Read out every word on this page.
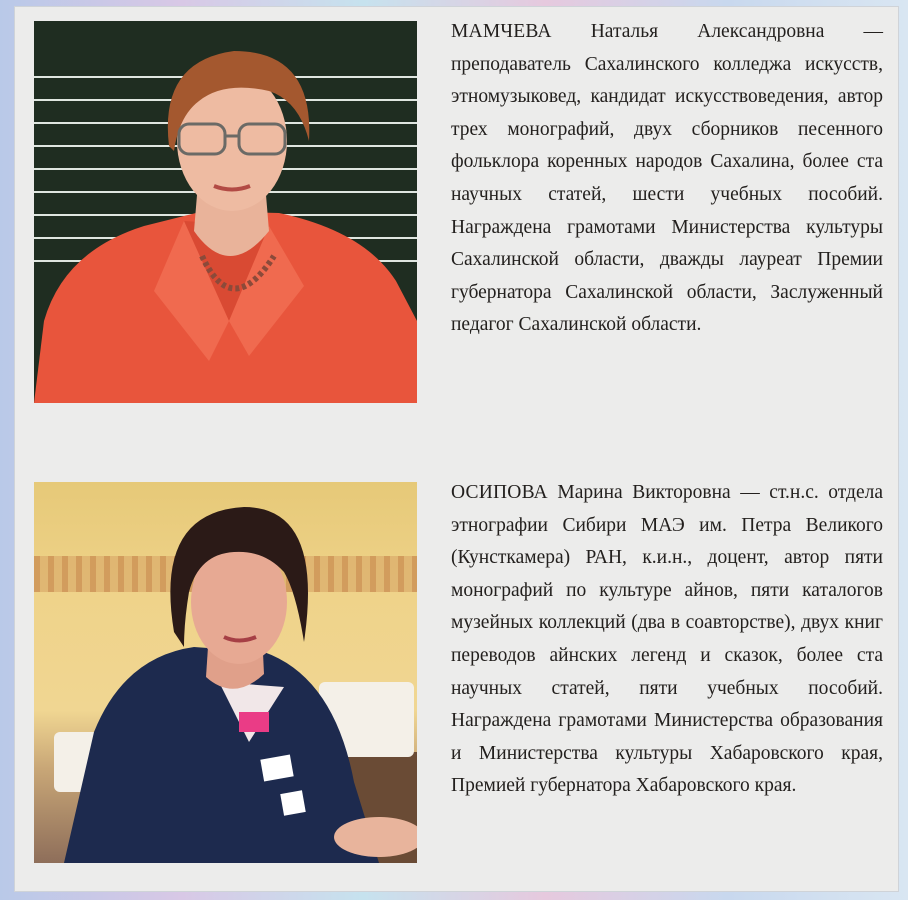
МАМЧЕВА Наталья Александровна — преподаватель Сахалинского колледжа искусств, этномузыковед, кандидат искусствоведения, автор трех монографий, двух сборников песенного фольклора коренных народов Сахалина, более ста научных статей, шести учебных пособий. Награждена грамотами Министерства культуры Сахалинской области, дважды лауреат Премии губернатора Сахалинской области, Заслуженный педагог Сахалинской области.
ОСИПОВА Марина Викторовна — ст.н.с. отдела этнографии Сибири МАЭ им. Петра Великого (Кунсткамера) РАН, к.и.н., доцент, автор пяти монографий по культуре айнов, пяти каталогов музейных коллекций (два в соавторстве), двух книг переводов айнских легенд и сказок, более ста научных статей, пяти учебных пособий. Награждена грамотами Министерства образования и Министерства культуры Хабаровского края, Премией губернатора Хабаровского края.
